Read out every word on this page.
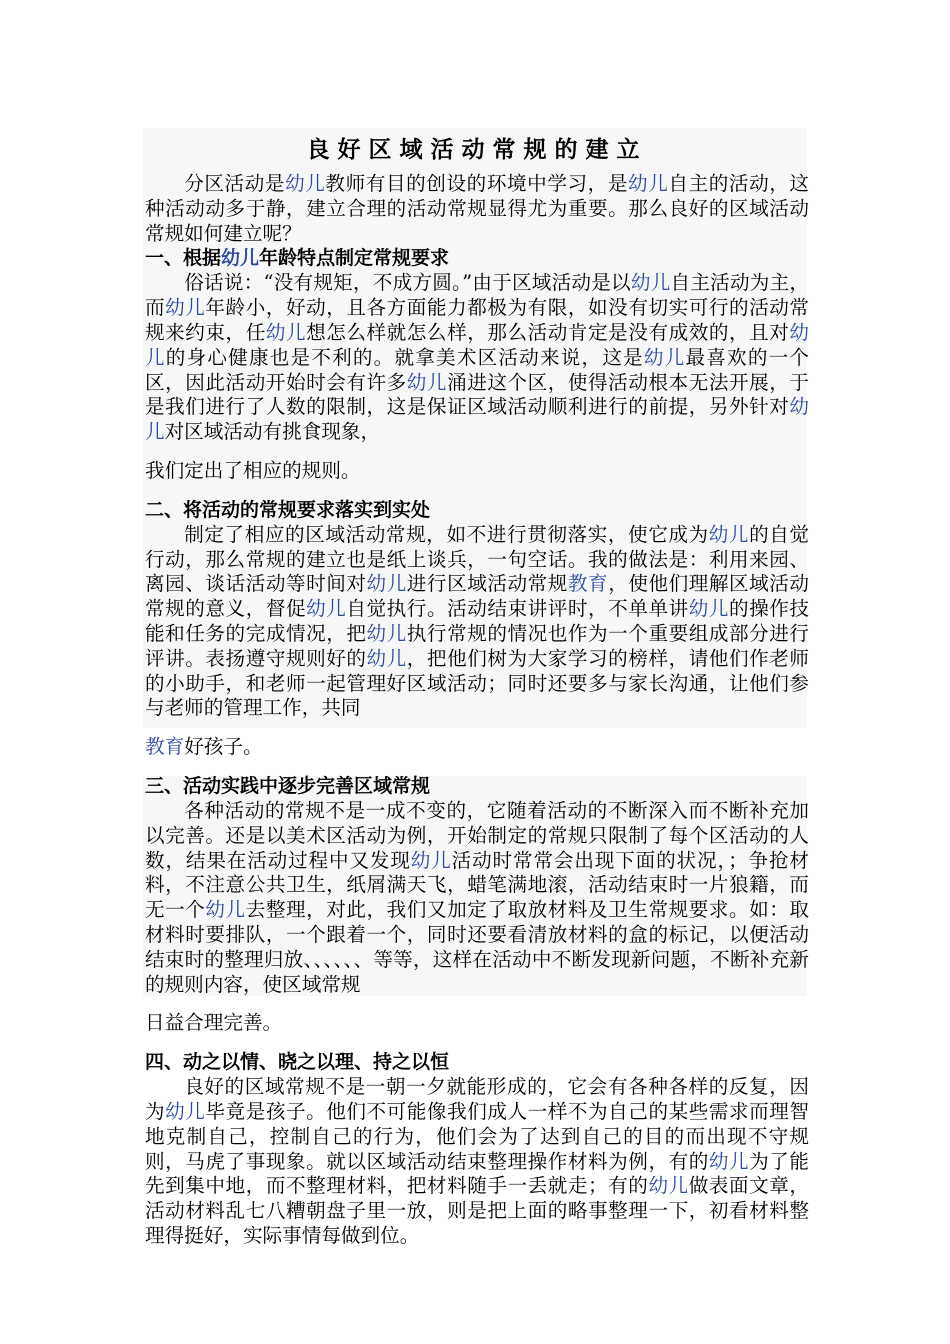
良好区域活动常规的建立

分区活动是幼儿教师有目的创设的环境中学习，是幼儿自主的活动，这种活动动多于静，建立合理的活动常规显得尤为重要。那么良好的区域活动常规如何建立呢？

一、根据幼儿年龄特点制定常规要求

俗话说：“没有规矩，不成方圆。”由于区域活动是以幼儿自主活动为主，而幼儿年龄小，好动，且各方面能力都极为有限，如没有切实可行的活动常规来约束，任幼儿想怎么样就怎么样，那么活动肯定是没有成效的，且对幼儿的身心健康也是不利的。就拿美术区活动来说，这是幼儿最喜欢的一个区，因此活动开始时会有许多幼儿涌进这个区，使得活动根本无法开展，于是我们进行了人数的限制，这是保证区域活动顺利进行的前提，另外针对幼儿对区域活动有挑食现象，

我们定出了相应的规则。

二、将活动的常规要求落实到实处

制定了相应的区域活动常规，如不进行贯彻落实，使它成为幼儿的自觉行动，那么常规的建立也是纸上谈兵，一句空话。我的做法是：利用来园、离园、谈话活动等时间对幼儿进行区域活动常规教育，使他们理解区域活动常规的意义，督促幼儿自觉执行。活动结束讲评时，不单单讲幼儿的操作技能和任务的完成情况，把幼儿执行常规的情况也作为一个重要组成部分进行评讲。表扬遵守规则好的幼儿，把他们树为大家学习的榜样，请他们作老师的小助手，和老师一起管理好区域活动；同时还要多与家长沟通，让他们参与老师的管理工作，共同

教育好孩子。

三、活动实践中逐步完善区域常规

各种活动的常规不是一成不变的，它随着活动的不断深入而不断补充加以完善。还是以美术区活动为例，开始制定的常规只限制了每个区活动的人数，结果在活动过程中又发现幼儿活动时常常会出现下面的状况，；争抢材料，不注意公共卫生，纸屑满天飞，蜡笔满地滚，活动结束时一片狼籍，而无一个幼儿去整理，对此，我们又加定了取放材料及卫生常规要求。如：取材料时要排队，一个跟着一个，同时还要看清放材料的盒的标记，以便活动结束时的整理归放、、、、、、等等，这样在活动中不断发现新问题，不断补充新的规则内容，使区域常规

日益合理完善。

四、动之以情、晓之以理、持之以恒

良好的区域常规不是一朝一夕就能形成的，它会有各种各样的反复，因为幼儿毕竟是孩子。他们不可能像我们成人一样不为自己的某些需求而理智地克制自己，控制自己的行为，他们会为了达到自己的目的而出现不守规则，马虎了事现象。就以区域活动结束整理操作材料为例，有的幼儿为了能先到集中地，而不整理材料，把材料随手一丢就走；有的幼儿做表面文章，活动材料乱七八糟朝盘子里一放，则是把上面的略事整理一下，初看材料整理得挺好，实际事情每做到位。
